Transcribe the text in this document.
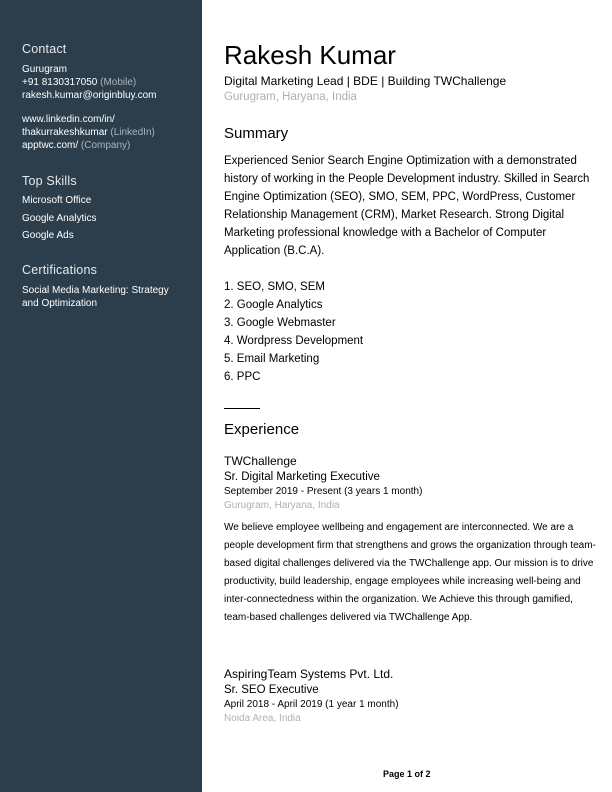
Contact
Gurugram
+91 8130317050 (Mobile)
rakesh.kumar@originbluy.com
www.linkedin.com/in/
thakurrakeshkumar (LinkedIn)
apptwc.com/ (Company)
Top Skills
Microsoft Office
Google Analytics
Google Ads
Certifications
Social Media Marketing: Strategy and Optimization
Rakesh Kumar
Digital Marketing Lead | BDE | Building TWChallenge
Gurugram, Haryana, India
Summary
Experienced Senior Search Engine Optimization with a demonstrated history of working in the People Development industry. Skilled in Search Engine Optimization (SEO), SMO, SEM, PPC, WordPress, Customer Relationship Management (CRM), Market Research. Strong Digital Marketing professional knowledge with a Bachelor of Computer Application (B.C.A).
1. SEO, SMO, SEM
2. Google Analytics
3. Google Webmaster
4. Wordpress Development
5. Email Marketing
6. PPC
Experience
TWChallenge
Sr. Digital Marketing Executive
September 2019 - Present (3 years 1 month)
Gurugram, Haryana, India
We believe employee wellbeing and engagement are interconnected. We are a people development firm that strengthens and grows the organization through team-based digital challenges delivered via the TWChallenge app. Our mission is to drive productivity, build leadership, engage employees while increasing well-being and inter-connectedness within the organization. We Achieve this through gamified, team-based challenges delivered via TWChallenge App.
AspiringTeam Systems Pvt. Ltd.
Sr. SEO Executive
April 2018 - April 2019 (1 year 1 month)
Noida Area, India
Page 1 of 2
